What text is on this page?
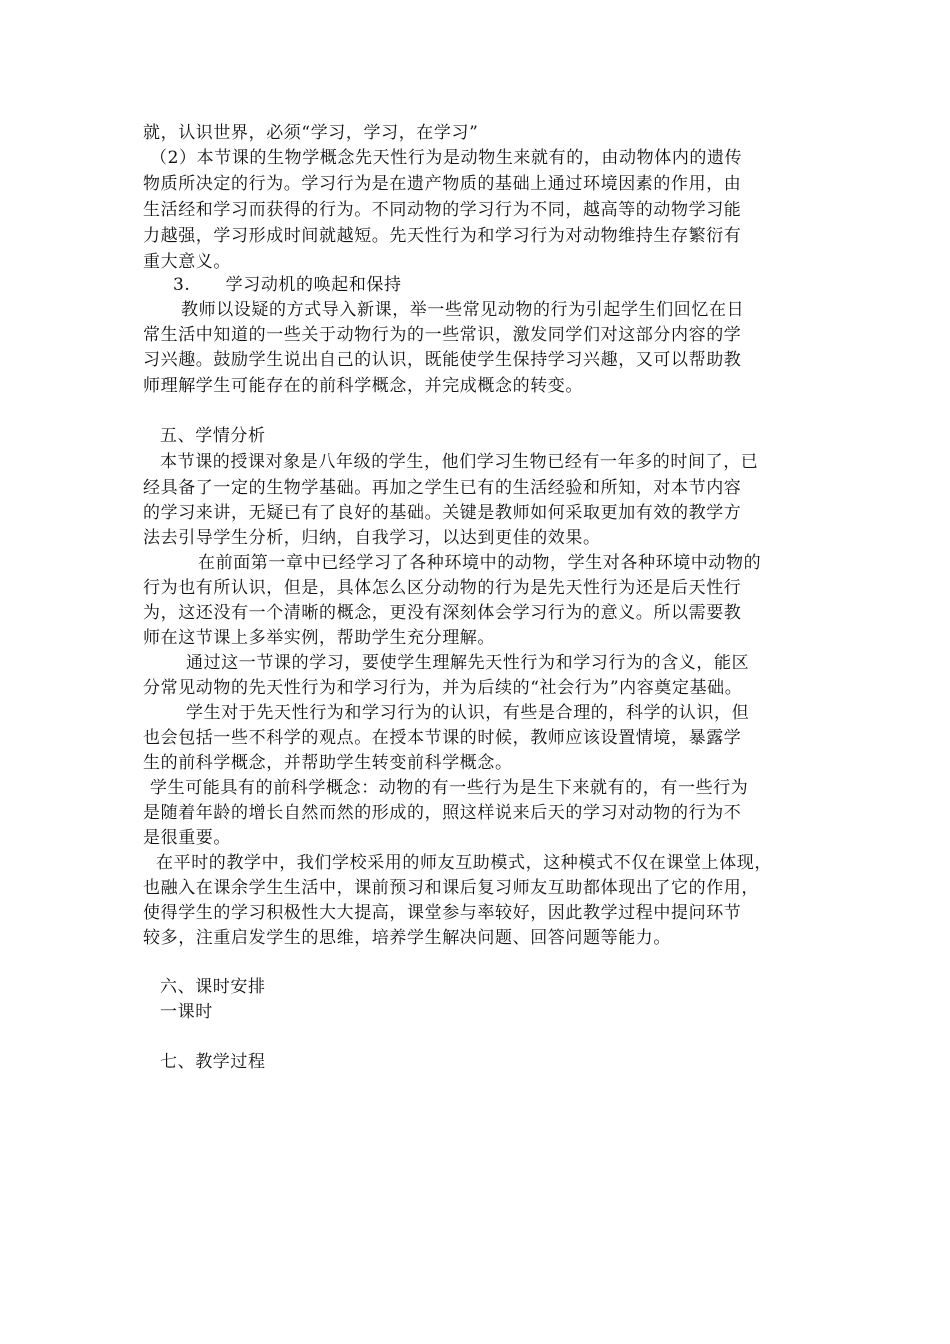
就，认识世界，必须“学习，学习，在学习”
（2）本节课的生物学概念先天性行为是动物生来就有的，由动物体内的遗传
物质所决定的行为。学习行为是在遗产物质的基础上通过环境因素的作用，由
生活经和学习而获得的行为。不同动物的学习行为不同，越高等的动物学习能
力越强，学习形成时间就越短。先天性行为和学习行为对动物维持生存繁衍有
重大意义。
3.　　学习动机的唤起和保持
教师以设疑的方式导入新课，举一些常见动物的行为引起学生们回忆在日
常生活中知道的一些关于动物行为的一些常识，激发同学们对这部分内容的学
习兴趣。鼓励学生说出自己的认识，既能使学生保持学习兴趣，又可以帮助教
师理解学生可能存在的前科学概念，并完成概念的转变。
五、学情分析
本节课的授课对象是八年级的学生，他们学习生物已经有一年多的时间了，已
经具备了一定的生物学基础。再加之学生已有的生活经验和所知，对本节内容
的学习来讲，无疑已有了良好的基础。关键是教师如何采取更加有效的教学方
法去引导学生分析，归纳，自我学习，以达到更佳的效果。
在前面第一章中已经学习了各种环境中的动物，学生对各种环境中动物的
行为也有所认识，但是，具体怎么区分动物的行为是先天性行为还是后天性行
为，这还没有一个清晰的概念，更没有深刻体会学习行为的意义。所以需要教
师在这节课上多举实例，帮助学生充分理解。
通过这一节课的学习，要使学生理解先天性行为和学习行为的含义，能区
分常见动物的先天性行为和学习行为，并为后续的“社会行为”内容奠定基础。
学生对于先天性行为和学习行为的认识，有些是合理的，科学的认识，但
也会包括一些不科学的观点。在授本节课的时候，教师应该设置情境，暴露学
生的前科学概念，并帮助学生转变前科学概念。
学生可能具有的前科学概念：动物的有一些行为是生下来就有的，有一些行为
是随着年龄的增长自然而然的形成的，照这样说来后天的学习对动物的行为不
是很重要。
在平时的教学中，我们学校采用的师友互助模式，这种模式不仅在课堂上体现，
也融入在课余学生生活中，课前预习和课后复习师友互助都体现出了它的作用，
使得学生的学习积极性大大提高，课堂参与率较好，因此教学过程中提问环节
较多，注重启发学生的思维，培养学生解决问题、回答问题等能力。
六、课时安排
一课时
七、教学过程
